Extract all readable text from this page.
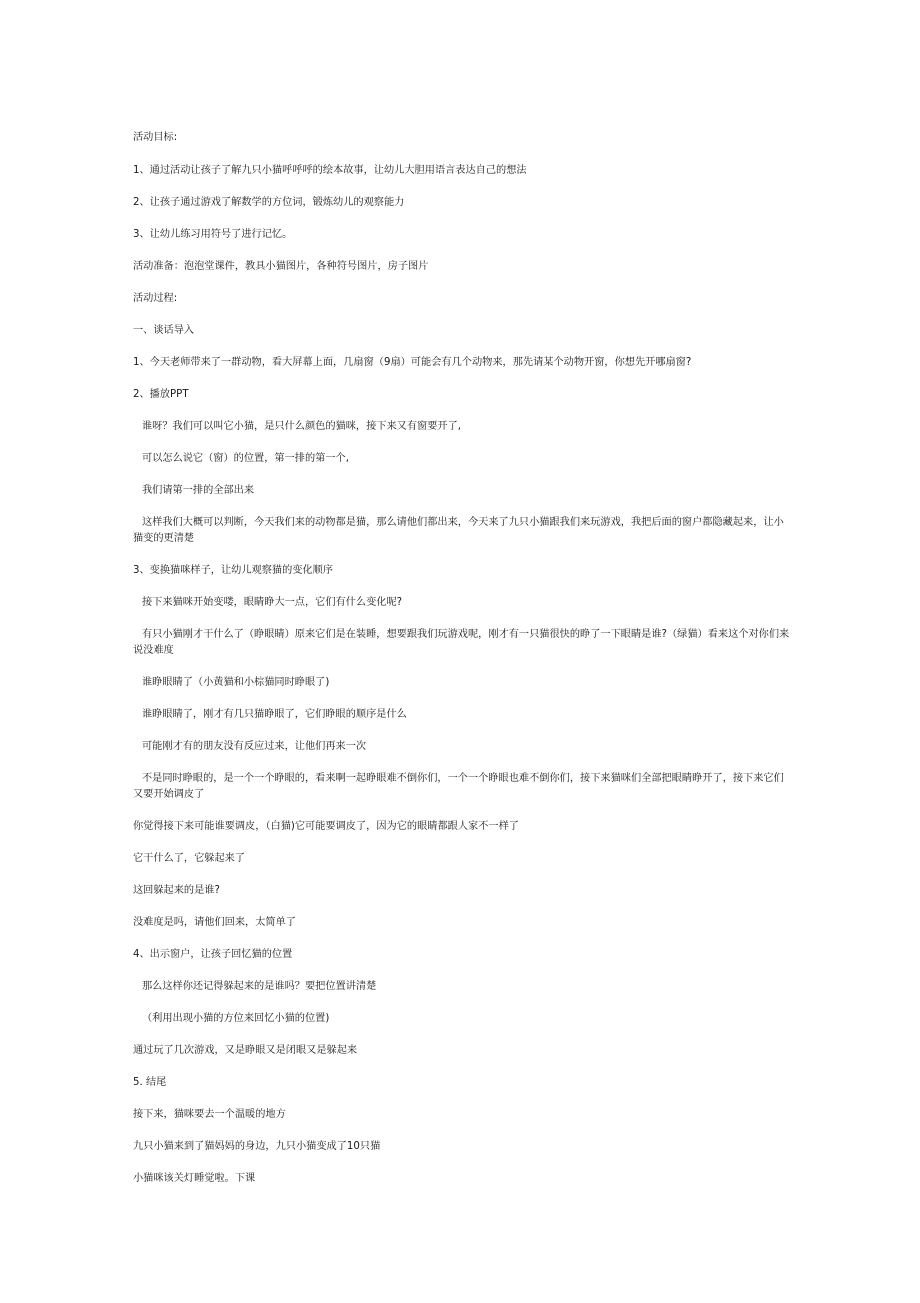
活动目标:
1、通过活动让孩子了解九只小猫呼呼呼的绘本故事，让幼儿大胆用语言表达自己的想法
2、让孩子通过游戏了解数学的方位词，锻炼幼儿的观察能力
3、让幼儿练习用符号了进行记忆。
活动准备：泡泡堂课件，教具小猫图片，各种符号图片，房子图片
活动过程:
一、谈话导入
1、今天老师带来了一群动物，看大屏幕上面，几扇窗（9扇）可能会有几个动物来，那先请某个动物开窗，你想先开哪扇窗?
2、播放PPT
谁呀？我们可以叫它小猫，是只什么颜色的猫咪，接下来又有窗要开了,
可以怎么说它（窗）的位置，第一排的第一个,
我们请第一排的全部出来
这样我们大概可以判断，今天我们来的动物都是猫，那么请他们都出来，今天来了九只小猫跟我们来玩游戏，我把后面的窗户都隐藏起来，让小猫变的更清楚
3、变换猫咪样子，让幼儿观察猫的变化顺序
接下来猫咪开始变喽，眼睛睁大一点，它们有什么变化呢?
有只小猫刚才干什么了（睁眼睛）原来它们是在装睡，想要跟我们玩游戏呢，刚才有一只猫很快的睁了一下眼睛是谁?（绿猫）看来这个对你们来说没难度
谁睁眼睛了（小黄猫和小棕猫同时睁眼了)
谁睁眼睛了，刚才有几只猫睁眼了，它们睁眼的顺序是什么
可能刚才有的朋友没有反应过来，让他们再来一次
不是同时睁眼的，是一个一个睁眼的，看来啊一起睁眼难不倒你们，一个一个睁眼也难不倒你们，接下来猫咪们全部把眼睛睁开了，接下来它们又要开始调皮了
你觉得接下来可能谁要调皮，（白猫)它可能要调皮了，因为它的眼睛都跟人家不一样了
它干什么了，它躲起来了
这回躲起来的是谁?
没难度是吗，请他们回来，太简单了
4、出示窗户，让孩子回忆猫的位置
那么这样你还记得躲起来的是谁吗？要把位置讲清楚
（利用出现小猫的方位来回忆小猫的位置)
通过玩了几次游戏，又是睁眼又是闭眼又是躲起来
5. 结尾
接下来，猫咪要去一个温暖的地方
九只小猫来到了猫妈妈的身边，九只小猫变成了10只猫
小猫咪该关灯睡觉啦。下课
